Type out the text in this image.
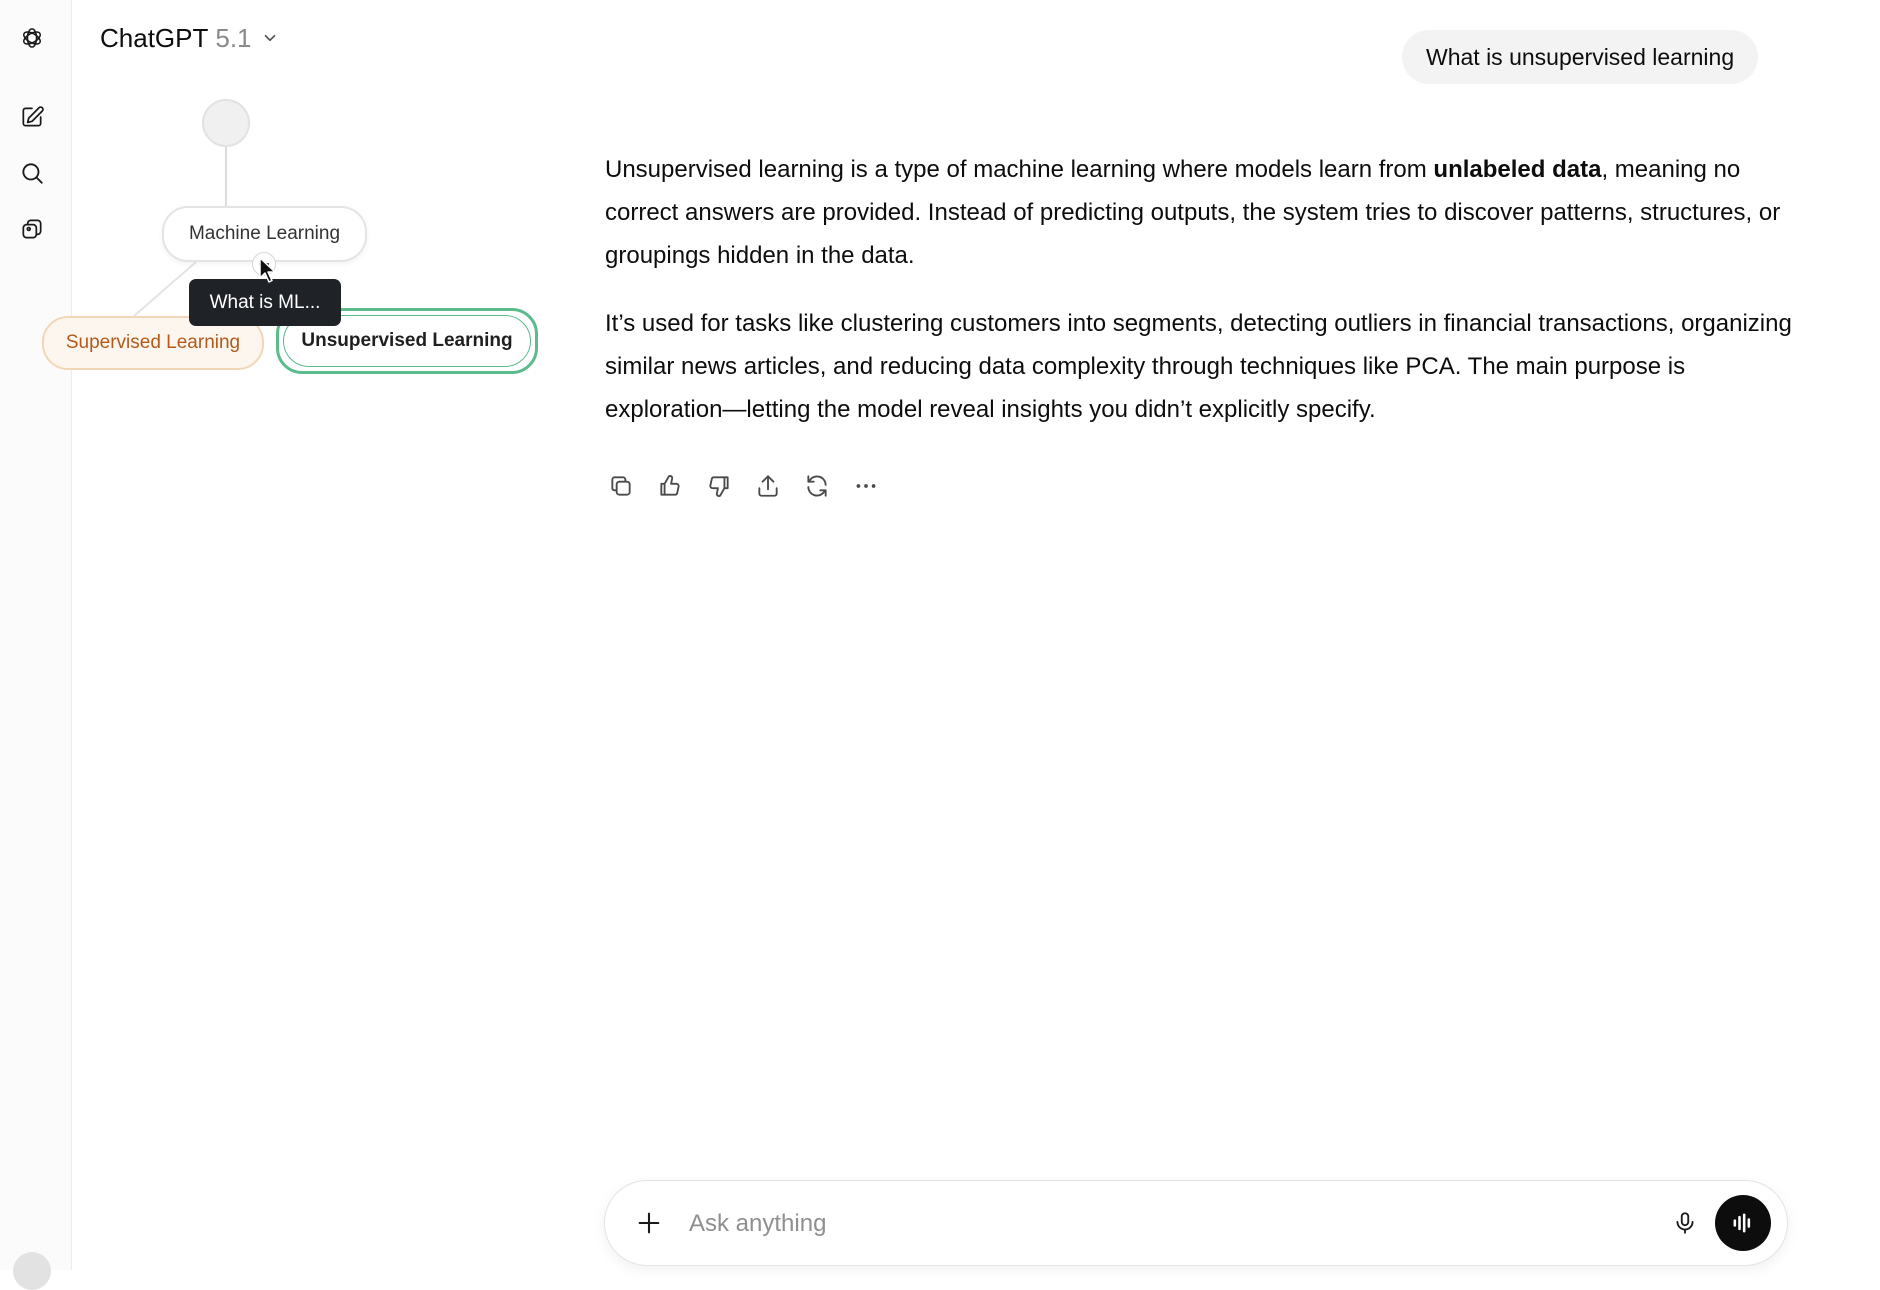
ChatGPT 5.1
Machine Learning
Supervised Learning	Unsupervised Learning
What is ML...
What is unsupervised learning

Unsupervised learning is a type of machine learning where models learn from unlabeled data, meaning no correct answers are provided. Instead of predicting outputs, the system tries to discover patterns, structures, or groupings hidden in the data.

It’s used for tasks like clustering customers into segments, detecting outliers in financial transactions, organizing similar news articles, and reducing data complexity through techniques like PCA. The main purpose is exploration—letting the model reveal insights you didn’t explicitly specify.

Ask anything
